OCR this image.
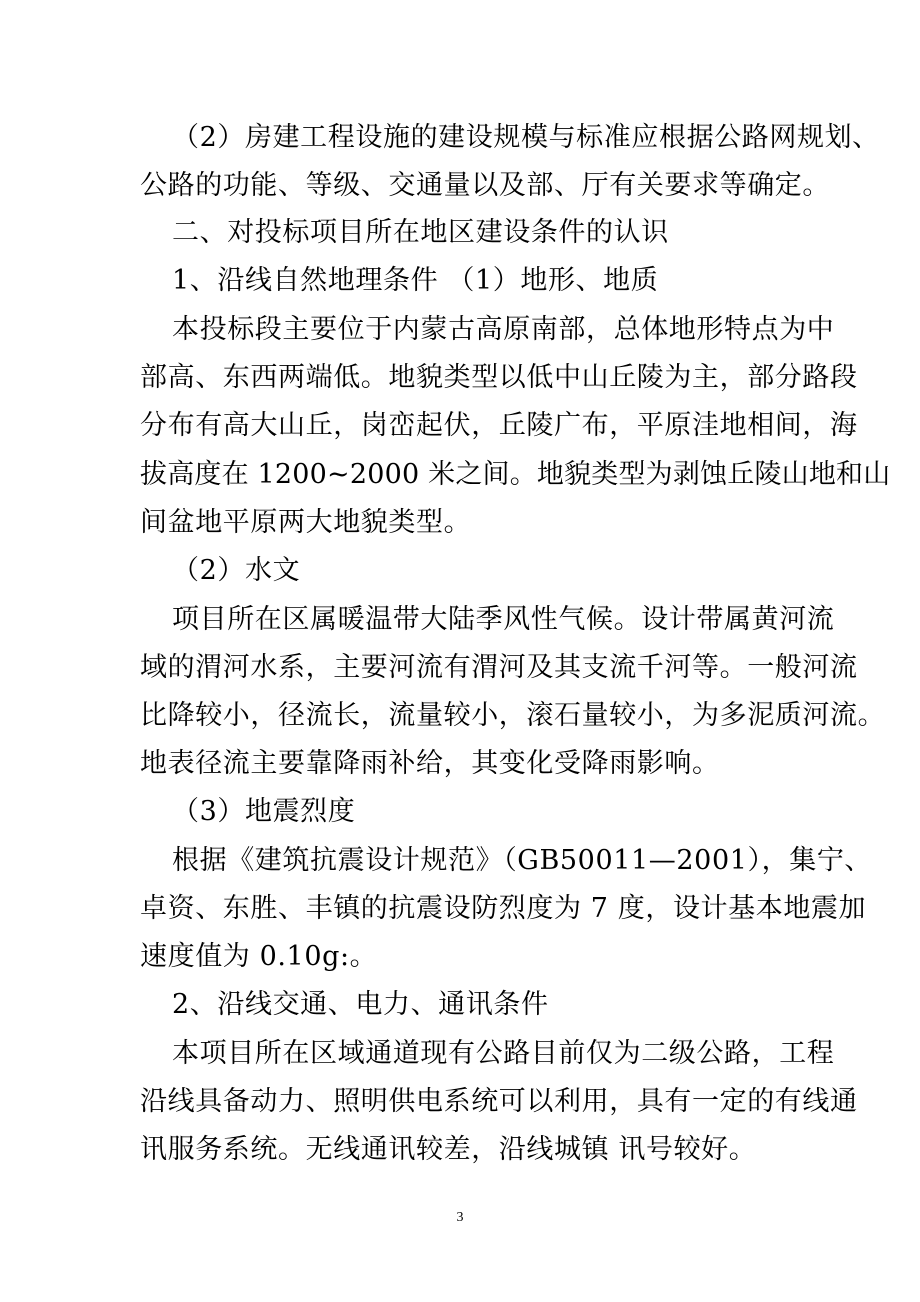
（2）房建工程设施的建设规模与标准应根据公路网规划、
公路的功能、等级、交通量以及部、厅有关要求等确定。
二、对投标项目所在地区建设条件的认识
1、沿线自然地理条件 （1）地形、地质
本投标段主要位于内蒙古高原南部，总体地形特点为中
部高、东西两端低。地貌类型以低中山丘陵为主，部分路段
分布有高大山丘，岗峦起伏，丘陵广布，平原洼地相间，海
拔高度在 1200~2000 米之间。地貌类型为剥蚀丘陵山地和山
间盆地平原两大地貌类型。
（2）水文
项目所在区属暖温带大陆季风性气候。设计带属黄河流
域的渭河水系，主要河流有渭河及其支流千河等。一般河流
比降较小，径流长，流量较小，滚石量较小，为多泥质河流。
地表径流主要靠降雨补给，其变化受降雨影响。
（3）地震烈度
根据《建筑抗震设计规范》（GB50011—2001），集宁、
卓资、东胜、丰镇的抗震设防烈度为 7 度，设计基本地震加
速度值为 0.10g:。
2、沿线交通、电力、通讯条件
本项目所在区域通道现有公路目前仅为二级公路，工程
沿线具备动力、照明供电系统可以利用，具有一定的有线通
讯服务系统。无线通讯较差，沿线城镇 讯号较好。
3
